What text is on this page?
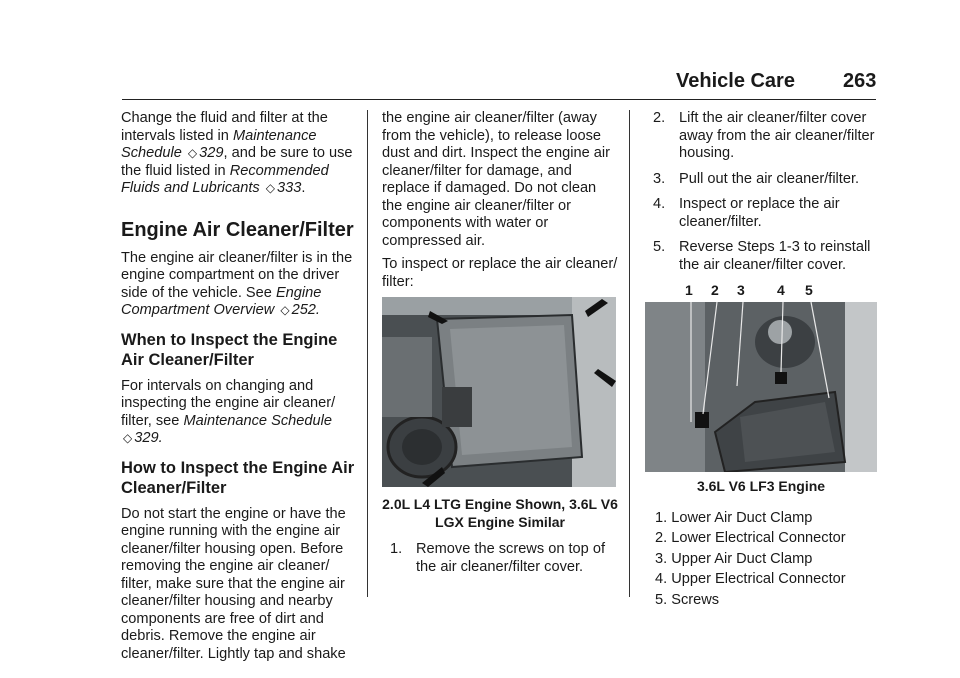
Vehicle Care 263

Change the fluid and filter at the intervals listed in Maintenance Schedule ◇ 329, and be sure to use the fluid listed in Recommended Fluids and Lubricants ◇ 333.

Engine Air Cleaner/Filter

The engine air cleaner/filter is in the engine compartment on the driver side of the vehicle. See Engine Compartment Overview ◇ 252.

When to Inspect the Engine Air Cleaner/Filter

For intervals on changing and inspecting the engine air cleaner/ filter, see Maintenance Schedule
◇ 329.

How to Inspect the Engine Air Cleaner/Filter

Do not start the engine or have the engine running with the engine air cleaner/filter housing open. Before removing the engine air cleaner/ filter, make sure that the engine air cleaner/filter housing and nearby components are free of dirt and debris. Remove the engine air cleaner/filter. Lightly tap and shake

the engine air cleaner/filter (away from the vehicle), to release loose dust and dirt. Inspect the engine air cleaner/filter for damage, and replace if damaged. Do not clean the engine air cleaner/filter or components with water or compressed air.

To inspect or replace the air cleaner/ filter:

2.0L L4 LTG Engine Shown, 3.6L V6 LGX Engine Similar
1. Remove the screws on top of the air cleaner/filter cover.
2. Lift the air cleaner/filter cover away from the air cleaner/filter housing.
3. Pull out the air cleaner/filter.
4. Inspect or replace the air cleaner/filter.
5. Reverse Steps 1-3 to reinstall the air cleaner/filter cover.
1 2 3 4 5
3.6L V6 LF3 Engine
1. Lower Air Duct Clamp
2. Lower Electrical Connector
3. Upper Air Duct Clamp
4. Upper Electrical Connector
5. Screws
